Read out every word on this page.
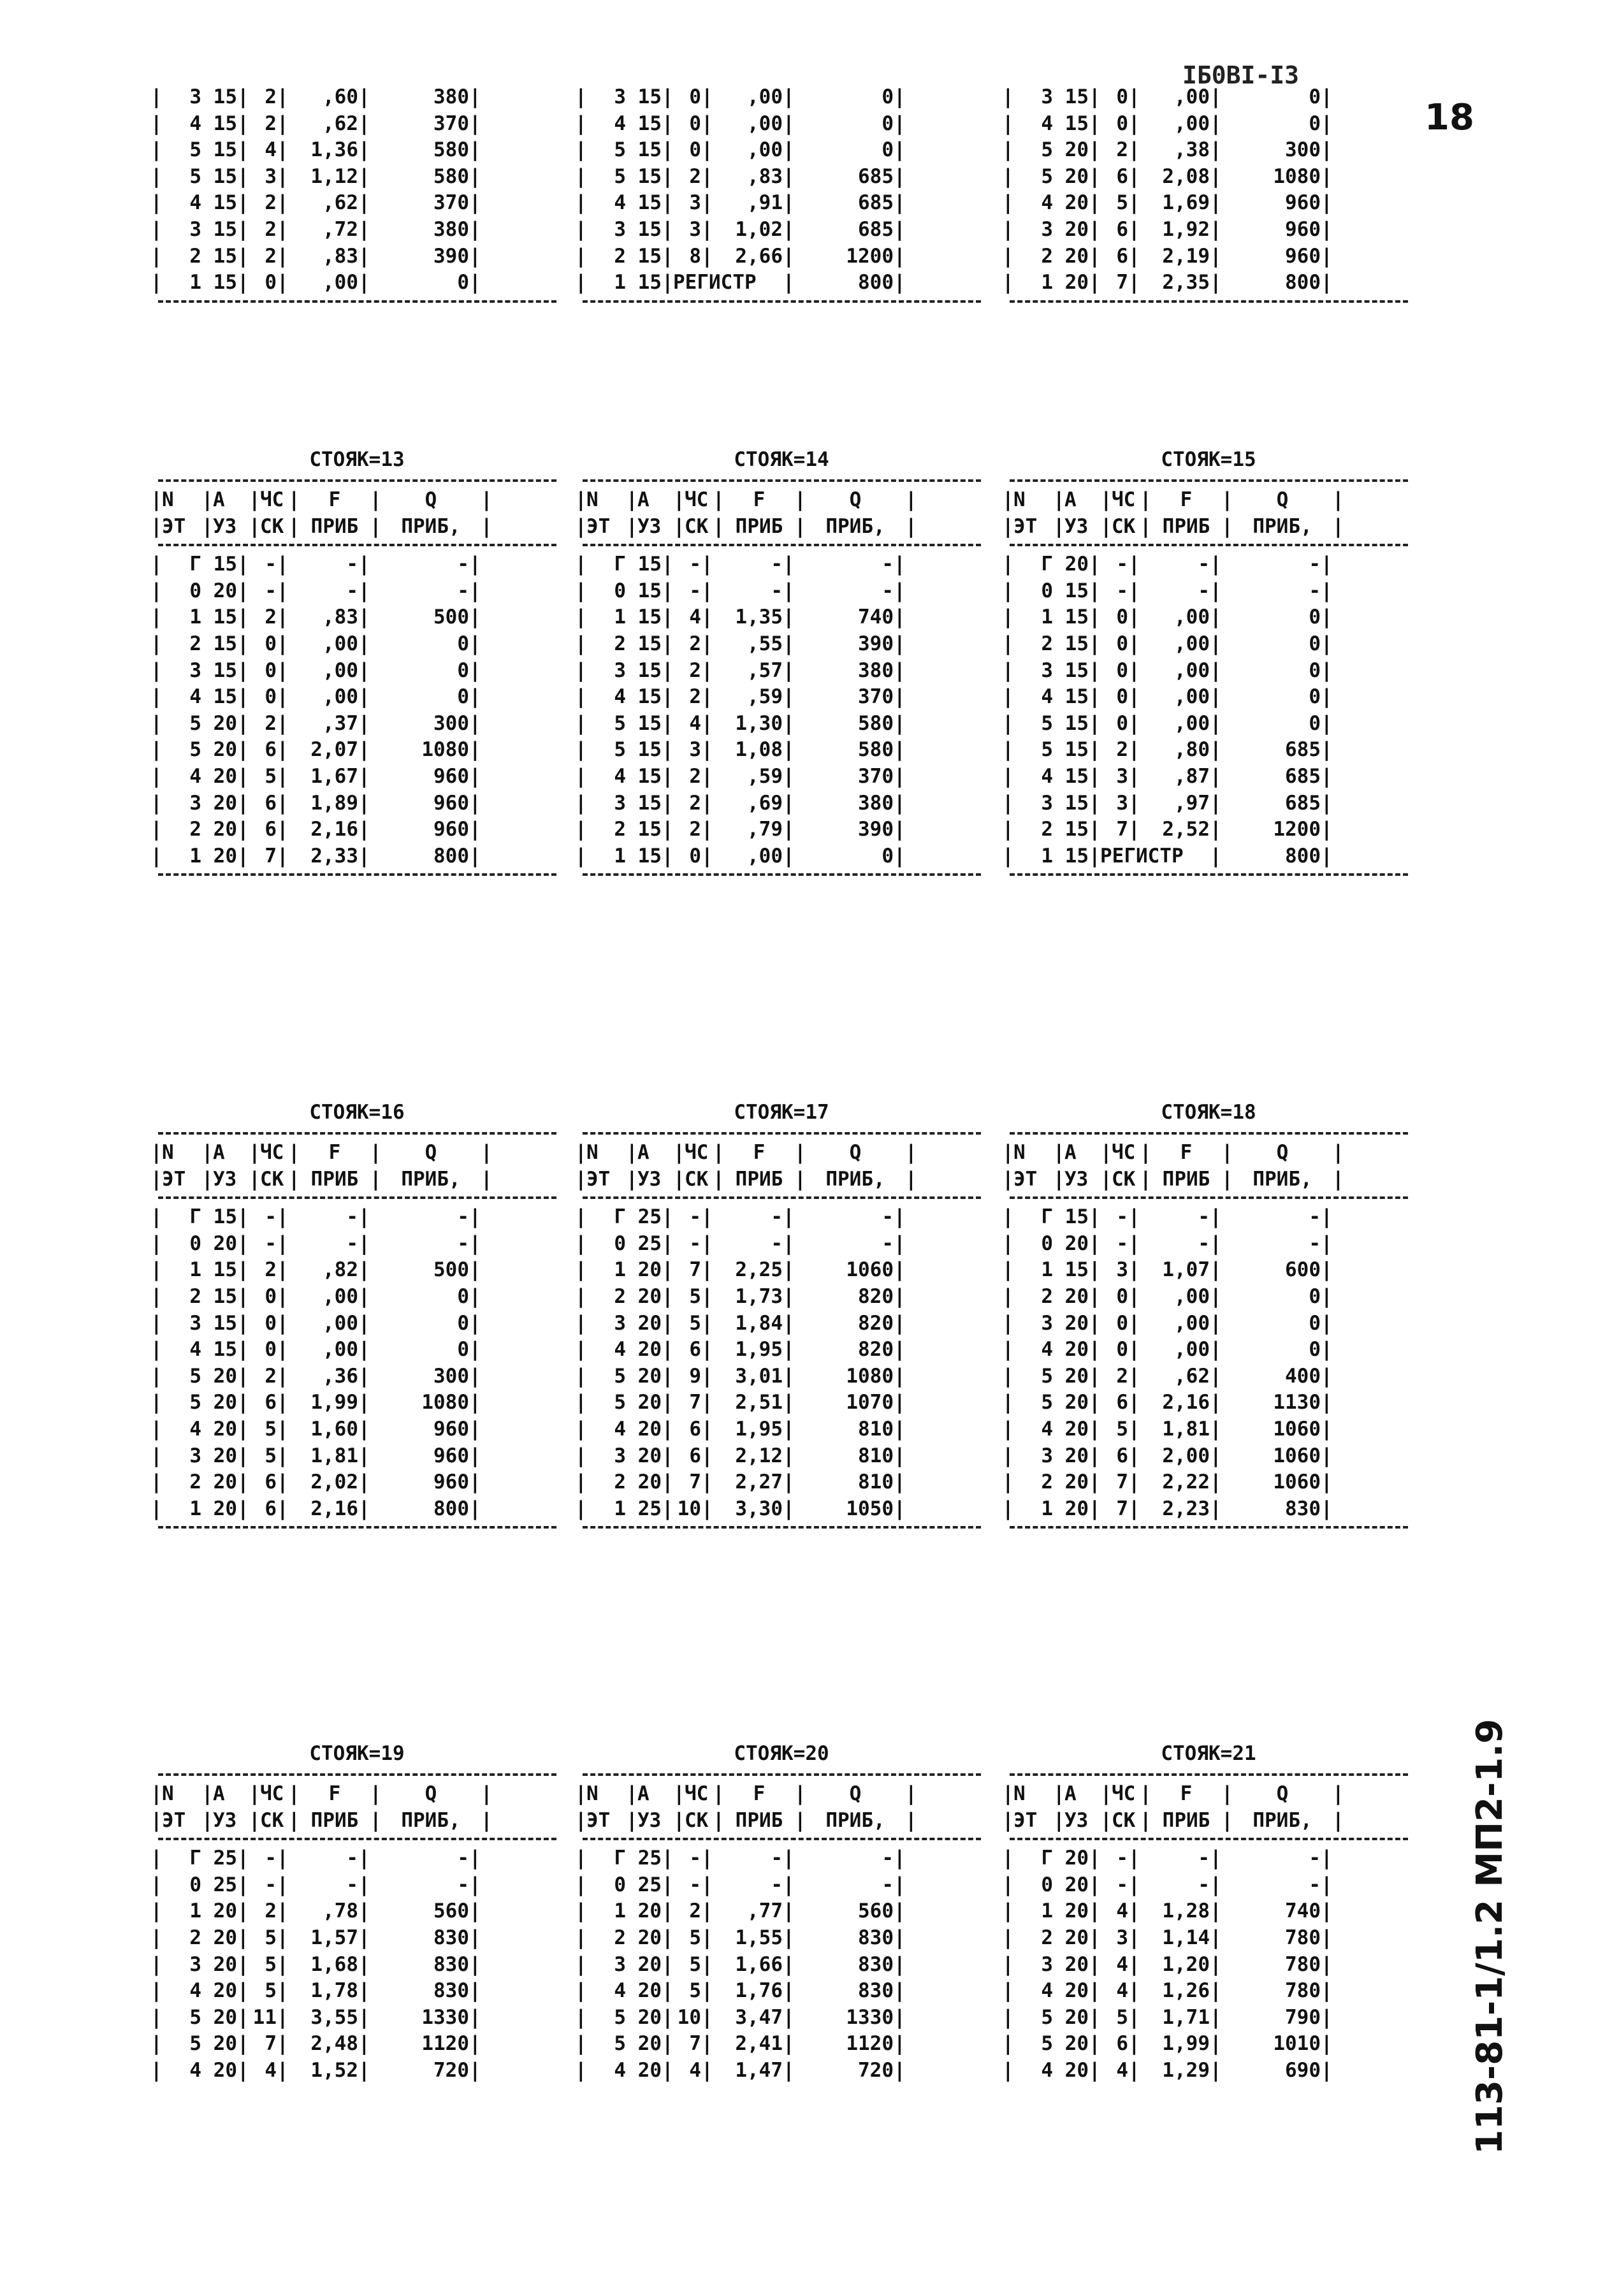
ІБ0ВІ-І3
18
113-81-1/1.2 МП2-1.9
|	3 15 | 2 |	,60 |	380 |
|	4 15 | 2 |	,62 |	370 |
|	5 15 | 4 |	1,36 |	580 |
|	5 15 | 3 |	1,12 |	580 |
|	4 15 | 2 |	,62 |	370 |
|	3 15 | 2 |	,72 |	380 |
|	2 15 | 2 |	,83 |	390 |
|	1 15 | 0 |	,00 |	0 |
|	3 15 | 0 |	,00 |	0 |
|	4 15 | 0 |	,00 |	0 |
|	5 15 | 0 |	,00 |	0 |
|	5 15 | 2 |	,83 |	685 |
|	4 15 | 3 |	,91 |	685 |
|	3 15 | 3 |	1,02 |	685 |
|	2 15 | 8 |	2,66 |	1200 |
|	1 15 | РЕГИСТР	|	800 |
|	3 15 | 0 |	,00 |	0 |
|	4 15 | 0 |	,00 |	0 |
|	5 20 | 2 |	,38 |	300 |
|	5 20 | 6 |	2,08 |	1080 |
|	4 20 | 5 |	1,69 |	960 |
|	3 20 | 6 |	1,92 |	960 |
|	2 20 | 6 |	2,19 |	960 |
|	1 20 | 7 |	2,35 |	800 |
СТОЯК=13
| N	| А	| ЧС |	F	|	Q	|
| ЭТ | УЗ | СК | ПРИБ | ПРИБ,	|
|	Г 15 | - |	- |	- |
|	0 20 | - |	- |	- |
|	1 15 | 2 |	,83 |	500 |
|	2 15 | 0 |	,00 |	0 |
|	3 15 | 0 |	,00 |	0 |
|	4 15 | 0 |	,00 |	0 |
|	5 20 | 2 |	,37 |	300 |
|	5 20 | 6 |	2,07 |	1080 |
|	4 20 | 5 |	1,67 |	960 |
|	3 20 | 6 |	1,89 |	960 |
|	2 20 | 6 |	2,16 |	960 |
|	1 20 | 7 |	2,33 |	800 |
СТОЯК=14
| N	| А	| ЧС |	F	|	Q	|
| ЭТ | УЗ | СК | ПРИБ | ПРИБ,	|
|	Г 15 | - |	- |	- |
|	0 15 | - |	- |	- |
|	1 15 | 4 |	1,35 |	740 |
|	2 15 | 2 |	,55 |	390 |
|	3 15 | 2 |	,57 |	380 |
|	4 15 | 2 |	,59 |	370 |
|	5 15 | 4 |	1,30 |	580 |
|	5 15 | 3 |	1,08 |	580 |
|	4 15 | 2 |	,59 |	370 |
|	3 15 | 2 |	,69 |	380 |
|	2 15 | 2 |	,79 |	390 |
|	1 15 | 0 |	,00 |	0 |
СТОЯК=15
| N	| А	| ЧС |	F	|	Q	|
| ЭТ | УЗ | СК | ПРИБ | ПРИБ,	|
|	Г 20 | - |	- |	- |
|	0 15 | - |	- |	- |
|	1 15 | 0 |	,00 |	0 |
|	2 15 | 0 |	,00 |	0 |
|	3 15 | 0 |	,00 |	0 |
|	4 15 | 0 |	,00 |	0 |
|	5 15 | 0 |	,00 |	0 |
|	5 15 | 2 |	,80 |	685 |
|	4 15 | 3 |	,87 |	685 |
|	3 15 | 3 |	,97 |	685 |
|	2 15 | 7 |	2,52 |	1200 |
|	1 15 | РЕГИСТР	|	800 |
СТОЯК=16
| N	| А	| ЧС |	F	|	Q	|
| ЭТ | УЗ | СК | ПРИБ | ПРИБ,	|
|	Г 15 | - |	- |	- |
|	0 20 | - |	- |	- |
|	1 15 | 2 |	,82 |	500 |
|	2 15 | 0 |	,00 |	0 |
|	3 15 | 0 |	,00 |	0 |
|	4 15 | 0 |	,00 |	0 |
|	5 20 | 2 |	,36 |	300 |
|	5 20 | 6 |	1,99 |	1080 |
|	4 20 | 5 |	1,60 |	960 |
|	3 20 | 5 |	1,81 |	960 |
|	2 20 | 6 |	2,02 |	960 |
|	1 20 | 6 |	2,16 |	800 |
СТОЯК=17
| N	| А	| ЧС |	F	|	Q	|
| ЭТ | УЗ | СК | ПРИБ | ПРИБ,	|
|	Г 25 | - |	- |	- |
|	0 25 | - |	- |	- |
|	1 20 | 7 |	2,25 |	1060 |
|	2 20 | 5 |	1,73 |	820 |
|	3 20 | 5 |	1,84 |	820 |
|	4 20 | 6 |	1,95 |	820 |
|	5 20 | 9 |	3,01 |	1080 |
|	5 20 | 7 |	2,51 |	1070 |
|	4 20 | 6 |	1,95 |	810 |
|	3 20 | 6 |	2,12 |	810 |
|	2 20 | 7 |	2,27 |	810 |
|	1 25 | 10 |	3,30 |	1050 |
СТОЯК=18
| N	| А	| ЧС |	F	|	Q	|
| ЭТ | УЗ | СК | ПРИБ | ПРИБ,	|
|	Г 15 | - |	- |	- |
|	0 20 | - |	- |	- |
|	1 15 | 3 |	1,07 |	600 |
|	2 20 | 0 |	,00 |	0 |
|	3 20 | 0 |	,00 |	0 |
|	4 20 | 0 |	,00 |	0 |
|	5 20 | 2 |	,62 |	400 |
|	5 20 | 6 |	2,16 |	1130 |
|	4 20 | 5 |	1,81 |	1060 |
|	3 20 | 6 |	2,00 |	1060 |
|	2 20 | 7 |	2,22 |	1060 |
|	1 20 | 7 |	2,23 |	830 |
СТОЯК=19
| N	| А	| ЧС |	F	|	Q	|
| ЭТ | УЗ | СК | ПРИБ | ПРИБ,	|
|	Г 25 | - |	- |	- |
|	0 25 | - |	- |	- |
|	1 20 | 2 |	,78 |	560 |
|	2 20 | 5 |	1,57 |	830 |
|	3 20 | 5 |	1,68 |	830 |
|	4 20 | 5 |	1,78 |	830 |
|	5 20 | 11 |	3,55 |	1330 |
|	5 20 | 7 |	2,48 |	1120 |
|	4 20 | 4 |	1,52 |	720 |
СТОЯК=20
| N	| А	| ЧС |	F	|	Q	|
| ЭТ | УЗ | СК | ПРИБ | ПРИБ,	|
|	Г 25 | - |	- |	- |
|	0 25 | - |	- |	- |
|	1 20 | 2 |	,77 |	560 |
|	2 20 | 5 |	1,55 |	830 |
|	3 20 | 5 |	1,66 |	830 |
|	4 20 | 5 |	1,76 |	830 |
|	5 20 | 10 |	3,47 |	1330 |
|	5 20 | 7 |	2,41 |	1120 |
|	4 20 | 4 |	1,47 |	720 |
СТОЯК=21
| N	| А	| ЧС |	F	|	Q	|
| ЭТ | УЗ | СК | ПРИБ | ПРИБ,	|
|	Г 20 | - |	- |	- |
|	0 20 | - |	- |	- |
|	1 20 | 4 |	1,28 |	740 |
|	2 20 | 3 |	1,14 |	780 |
|	3 20 | 4 |	1,20 |	780 |
|	4 20 | 4 |	1,26 |	780 |
|	5 20 | 5 |	1,71 |	790 |
|	5 20 | 6 |	1,99 |	1010 |
|	4 20 | 4 |	1,29 |	690 |
